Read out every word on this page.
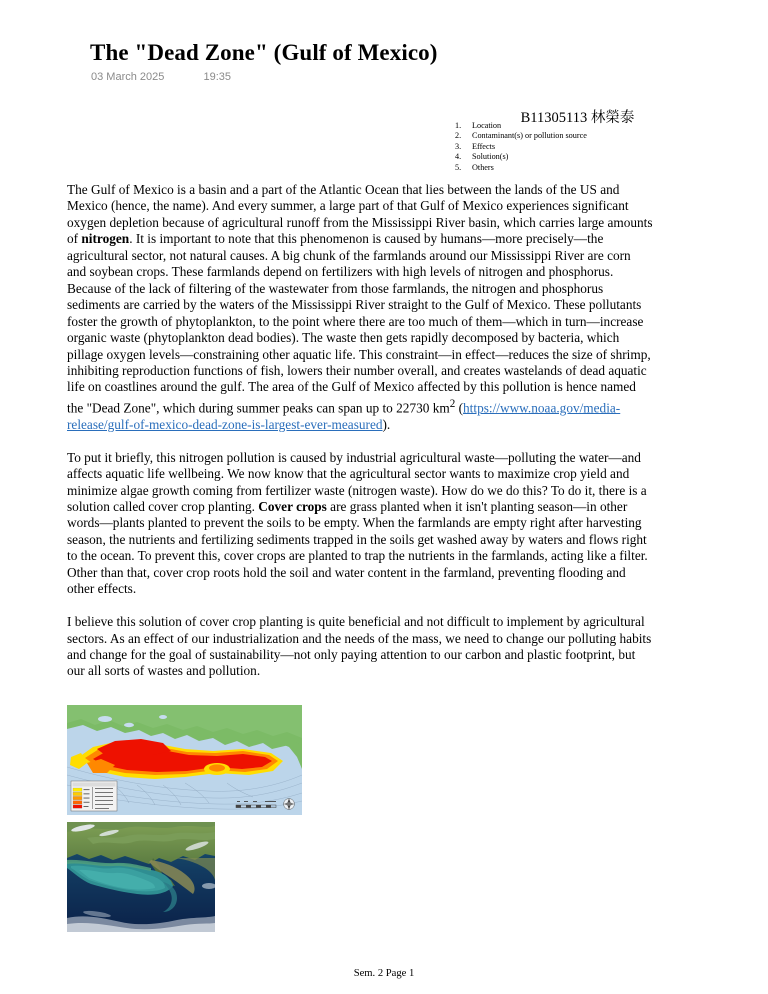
The "Dead Zone" (Gulf of Mexico)
03 March 2025	19:35
B11305113 林榮泰
1.	Location
2.	Contaminant(s) or pollution source
3.	Effects
4.	Solution(s)
5.	Others

The Gulf of Mexico is a basin and a part of the Atlantic Ocean that lies between the lands of the US and Mexico (hence, the name). And every summer, a large part of that Gulf of Mexico experiences significant oxygen depletion because of agricultural runoff from the Mississippi River basin, which carries large amounts of nitrogen. It is important to note that this phenomenon is caused by humans—more precisely—the agricultural sector, not natural causes. A big chunk of the farmlands around our Mississippi River are corn and soybean crops. These farmlands depend on fertilizers with high levels of nitrogen and phosphorus. Because of the lack of filtering of the wastewater from those farmlands, the nitrogen and phosphorus sediments are carried by the waters of the Mississippi River straight to the Gulf of Mexico. These pollutants foster the growth of phytoplankton, to the point where there are too much of them—which in turn—increase organic waste (phytoplankton dead bodies). The waste then gets rapidly decomposed by bacteria, which pillage oxygen levels—constraining other aquatic life. This constraint—in effect—reduces the size of shrimp, inhibiting reproduction functions of fish, lowers their number overall, and creates wastelands of dead aquatic life on coastlines around the gulf. The area of the Gulf of Mexico affected by this pollution is hence named the "Dead Zone", which during summer peaks can span up to 22730 $km^2$ (https://www.noaa.gov/media-release/gulf-of-mexico-dead-zone-is-largest-ever-measured).

To put it briefly, this nitrogen pollution is caused by industrial agricultural waste—polluting the water—and affects aquatic life wellbeing. We now know that the agricultural sector wants to maximize crop yield and minimize algae growth coming from fertilizer waste (nitrogen waste). How do we do this? To do it, there is a solution called cover crop planting. Cover crops are grass planted when it isn't planting season—in other words—plants planted to prevent the soils to be empty. When the farmlands are empty right after harvesting season, the nutrients and fertilizing sediments trapped in the soils get washed away by waters and flows right to the ocean. To prevent this, cover crops are planted to trap the nutrients in the farmlands, acting like a filter. Other than that, cover crop roots hold the soil and water content in the farmland, preventing flooding and other effects.

I believe this solution of cover crop planting is quite beneficial and not difficult to implement by agricultural sectors. As an effect of our industrialization and the needs of the mass, we need to change our polluting habits and change for the goal of sustainability—not only paying attention to our carbon and plastic footprint, but our all sorts of wastes and pollution.

Sem. 2 Page 1
